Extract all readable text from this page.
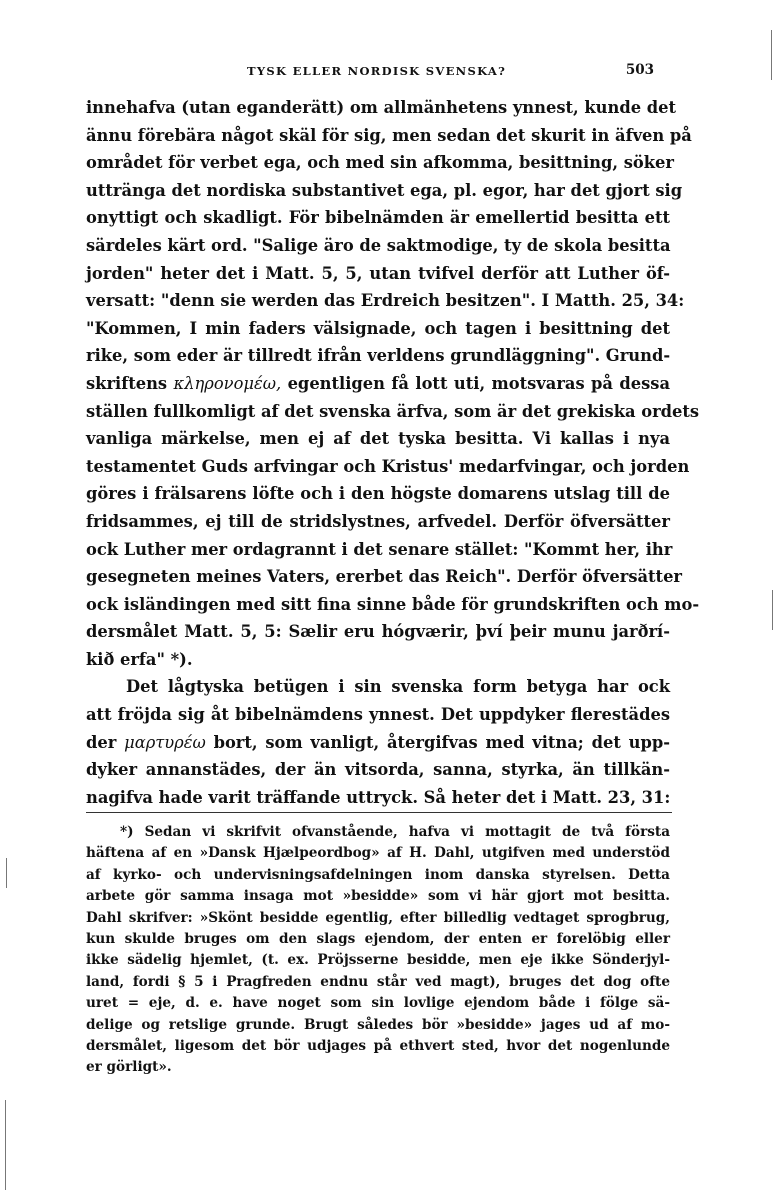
TYSK ELLER NORDISK SVENSKA?	503
innehafva (utan eganderätt) om allmänhetens ynnest, kunde det
ännu förebära något skäl för sig, men sedan det skurit in äfven på
området för verbet ega, och med sin afkomma, besittning, söker
uttränga det nordiska substantivet ega, pl. egor, har det gjort sig
onyttigt och skadligt. För bibelnämden är emellertid besitta ett
särdeles kärt ord. "Salige äro de saktmodige, ty de skola besitta
jorden" heter det i Matt. 5, 5, utan tvifvel derför att Luther öf-
versatt: "denn sie werden das Erdreich besitzen". I Matth. 25, 34:
"Kommen, I min faders välsignade, och tagen i besittning det
rike, som eder är tillredt ifrån verldens grundläggning". Grund-
skriftens κληρονομέω, egentligen få lott uti, motsvaras på dessa
ställen fullkomligt af det svenska ärfva, som är det grekiska ordets
vanliga märkelse, men ej af det tyska besitta. Vi kallas i nya
testamentet Guds arfvingar och Kristus' medarfvingar, och jorden
göres i frälsarens löfte och i den högste domarens utslag till de
fridsammes, ej till de stridslystnes, arfvedel. Derför öfversätter
ock Luther mer ordagrannt i det senare stället: "Kommt her, ihr
gesegneten meines Vaters, ererbet das Reich". Derför öfversätter
ock isländingen med sitt fina sinne både för grundskriften och mo-
dersmålet Matt. 5, 5: Sælir eru hógværir, því þeir munu jarðrí-
kið erfa" *).
Det lågtyska betügen i sin svenska form betyga har ock
att fröjda sig åt bibelnämdens ynnest. Det uppdyker flerestädes
der μαρτυρέω bort, som vanligt, återgifvas med vitna; det upp-
dyker annanstädes, der än vitsorda, sanna, styrka, än tillkän-
nagifva hade varit träffande uttryck. Så heter det i Matt. 23, 31:
*) Sedan vi skrifvit ofvanstående, hafva vi mottagit de två första
häftena af en »Dansk Hjælpeordbog» af H. Dahl, utgifven med understöd
af kyrko- och undervisningsafdelningen inom danska styrelsen. Detta
arbete gör samma insaga mot »besidde» som vi här gjort mot besitta.
Dahl skrifver: »Skönt besidde egentlig, efter billedlig vedtaget sprogbrug,
kun skulde bruges om den slags ejendom, der enten er forelöbig eller
ikke sädelig hjemlet, (t. ex. Pröjsserne besidde, men eje ikke Sönderjyl-
land, fordi § 5 i Pragfreden endnu står ved magt), bruges det dog ofte
uret = eje, d. e. have noget som sin lovlige ejendom både i fölge sä-
delige og retslige grunde. Brugt således bör »besidde» jages ud af mo-
dersmålet, ligesom det bör udjages på ethvert sted, hvor det nogenlunde
er görligt».
